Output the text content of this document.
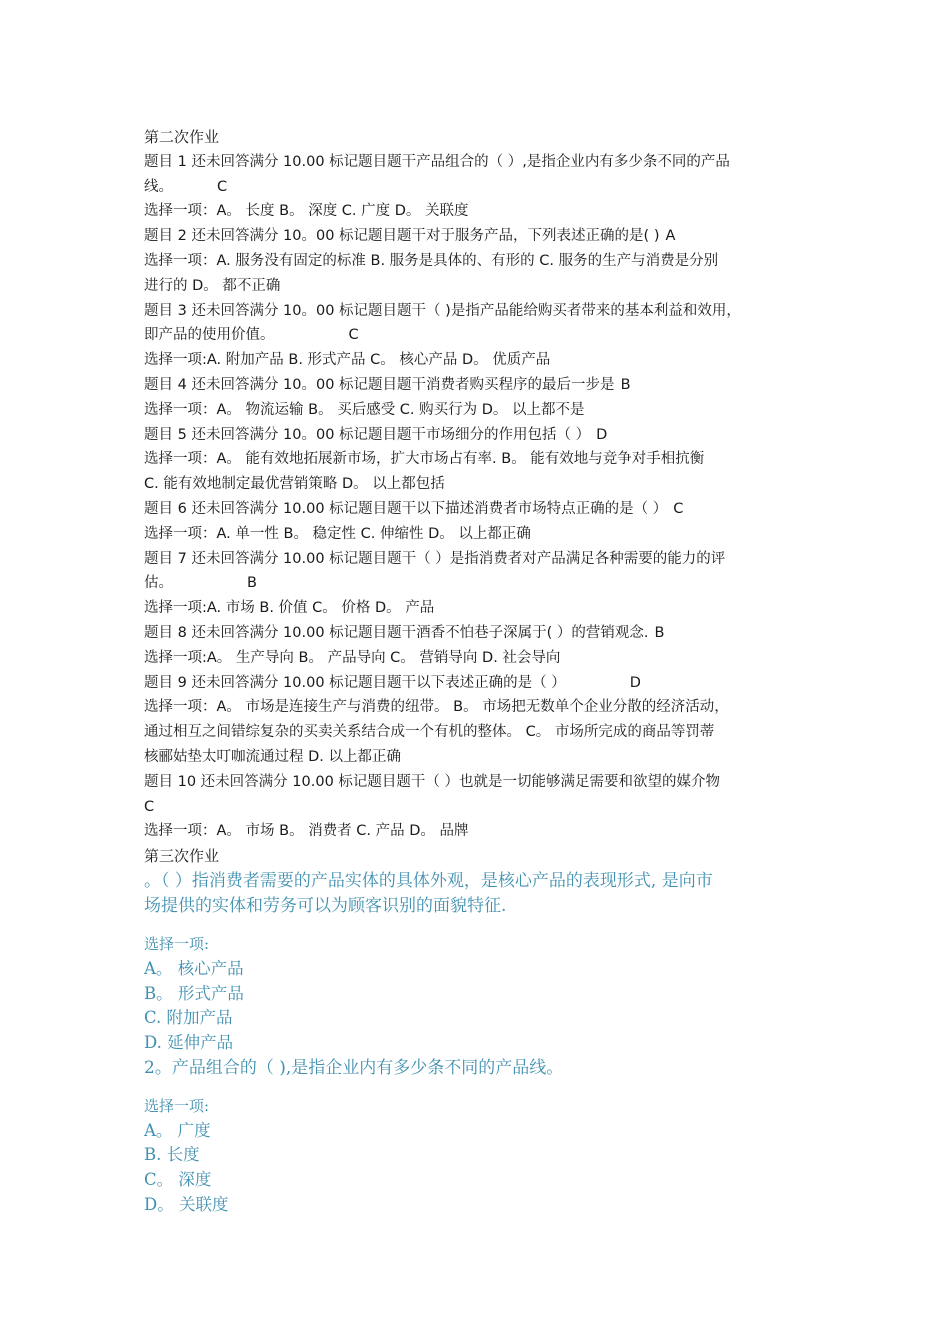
第二次作业
题目 1 还未回答满分 10.00 标记题目题干产品组合的（ ）,是指企业内有多少条不同的产品
线。	C
选择一项：A。 长度 B。 深度 C. 广度 D。 关联度
题目 2 还未回答满分 10。00 标记题目题干对于服务产品，下列表述正确的是( ) A
选择一项：A. 服务没有固定的标准 B. 服务是具体的、有形的 C. 服务的生产与消费是分别
进行的 D。 都不正确
题目 3 还未回答满分 10。00 标记题目题干（ )是指产品能给购买者带来的基本利益和效用，
即产品的使用价值。	C
选择一项:A. 附加产品 B. 形式产品 C。 核心产品 D。 优质产品
题目 4 还未回答满分 10。00 标记题目题干消费者购买程序的最后一步是 B
选择一项：A。 物流运输 B。 买后感受 C. 购买行为 D。 以上都不是
题目 5 还未回答满分 10。00 标记题目题干市场细分的作用包括（ ） D
选择一项：A。 能有效地拓展新市场，扩大市场占有率. B。 能有效地与竞争对手相抗衡
C. 能有效地制定最优营销策略 D。 以上都包括
题目 6 还未回答满分 10.00 标记题目题干以下描述消费者市场特点正确的是（ ） C
选择一项：A. 单一性 B。 稳定性 C. 伸缩性 D。 以上都正确
题目 7 还未回答满分 10.00 标记题目题干（ ）是指消费者对产品满足各种需要的能力的评
估。	B
选择一项:A. 市场 B. 价值 C。 价格 D。 产品
题目 8 还未回答满分 10.00 标记题目题干酒香不怕巷子深属于( ）的营销观念. B
选择一项:A。 生产导向 B。 产品导向 C。 营销导向 D. 社会导向
题目 9 还未回答满分 10.00 标记题目题干以下表述正确的是（ ）	D
选择一项：A。 市场是连接生产与消费的纽带。 B。 市场把无数单个企业分散的经济活动，
通过相互之间错综复杂的买卖关系结合成一个有机的整体。 C。 市场所完成的商品等罚蒂
核郦姑垫太叮咖流通过程 D. 以上都正确
题目 10 还未回答满分 10.00 标记题目题干（ ）也就是一切能够满足需要和欲望的媒介物
C
选择一项：A。 市场 B。 消费者 C. 产品 D。 品牌
第三次作业
。（ ）指消费者需要的产品实体的具体外观，是核心产品的表现形式, 是向市
场提供的实体和劳务可以为顾客识别的面貌特征.
选择一项:
A。 核心产品
B。 形式产品
C. 附加产品
D. 延伸产品
2。产品组合的（ ),是指企业内有多少条不同的产品线。
选择一项:
A。 广度
B. 长度
C。 深度
D。 关联度
